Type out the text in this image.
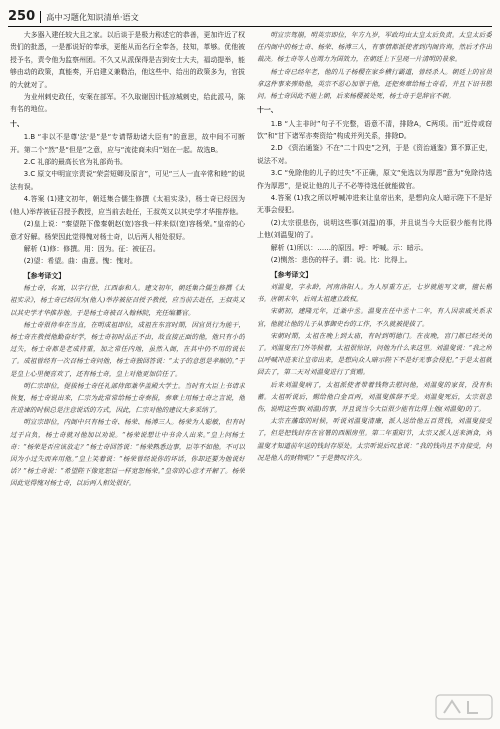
250	高中习题化知识清单·语文

大多器入建任较大且之家。以后谈于是极力称述它的恭善，更加许近了权贵们的批悉，一是都说好的奉承，更能从而名行全奉各，技知，革够。优他被授予名，责令他为监察州团。不久又从派保得是吉到安士大夫，福动提举，能够由动的政策，真能奏，开启建义兼勒治，他这些中、给出的政策多为，官拔的大就对了。

为业州刺史政任，安案在部军。不久取谢因计低凉城刺史，给此派马，陈有名的地位。

十、

1.B “非以不是尊'法'是”是“专请帮助诸大臣有”的意思，故中间不可断开。第二个“然”是“但是”之意，应与“流徒商未归”划在一起。故选B。

2.C 礼部的最高长官为礼部尚书。

3.C 原文中明宣宗责说“荣尝短卿及原言”，可见“三人一直辛常和睦”的说法有误。

4.答案 (1)建文初年，朝廷集合儒生修撰《太祖实录》，杨士奇已经因为(他人)举荐被征召授予教授，应当前去赴任，王叔英又以其史学才华推荐他。

(2)皇上说：“秦望陛下像秦朝赵(宽)容我一样来似(宽)容杨荣。”皇帝的心意才好解。杨荣因此觉得愧对杨士奇，以后两人相处很好。

解析 (1)修：修撰。用：因为。征：被征召。

(2)望：希望。曲：曲意。愧：愧对。

【参考译文】

杨士奇，名寓，以字行世，江西泰和人。建文初年，朝廷集合儒生修撰《太祖实录》，杨士奇已经因为(他人)举荐被征召授予教授，应当前去赴任，王叔英又以其史学才华推荐他。于是杨士奇被召入翰林院，充任编纂官。

杨士奇很侍奉在当直，在明成祖即位，成祖在东宫时期，因官员行为能干，杨士奇在教授他勤奋好学，杨士奇初时品正不由，故直接正面的他，他只有小的过失，杨士奇都是老成持重，加之常任内地，虽然入阁，在其中仍不用的说长了。成祖曾经有一次召杨士奇问他，杨士奇独回答说：“太子的意思是孝顺的。”于是皇上心里便喜欢了，还有杨士奇，皇上对他更加信任了。

明仁宗即位，提拔杨士奇任礼部侍郎兼华盖殿大学士。当时有大臣上书请求恢复，杨士奇说出来，仁宗为此常常给杨士奇奏报，奏章上用杨士奇之言说，他在进谏的时候总是注意说话的方式，因此，仁宗对他的建议大多采纳了。

明宣宗即位，内阁中只有杨士奇、杨荣、杨溥三人。杨荣为人聪敏，但有时过于自负，杨士奇就对他加以劝说。“杨荣说想让中书舍人出来。”皇上问杨士奇：“杨荣是否应该放走？”杨士奇回答说：“杨荣熟悉边事，臣等不如他。不可以因为小过失而弃用他。”皇上笑着说：“杨荣曾经说你的坏话，你却还要为他说好话？”杨士奇说：“希望陛下像宽恕臣一样宽恕杨荣。”皇帝的心意才开解了。杨荣因此觉得愧对杨士奇，以后两人相处很好。

明宣宗驾崩，明英宗即位，年方九岁，军政均由太皇太后负责。太皇太后委任内阁中的杨士奇、杨荣、杨溥三人，有事情都派使者到内阁咨询，然后才作出裁决。杨士奇等人也竭力为国效力，在朝廷上下呈现一片清明的景象。

杨士奇已经年老，他的儿子杨稷在家乡横行霸道，曾经杀人。朝廷上的官员拿这件事来弹劾他，英宗不忍心加罪于他，还把奏章给杨士奇看，并且下诏书慰问。杨士奇因此不能上朝，后来杨稷被处死，杨士奇于是辞官不朝。

十一、

1.B “人主非时”句子不完整，语意不清，排除A，C两项。而“近侍或窃饮”和“甘下诸军亦奏资给”构成并列关系，排除D。

2.D 《资治通鉴》不在“二十四史”之列，于是《资治通鉴》算不算正史，说法不对。

3.C “免除他的儿子的过失”不正确，原文“免选以为厚恩”意为“免除待选作为厚恩”，是说让他的儿子不必等待选任就能做官。

4.答案 (1)我之所以呼喊冲进来让皇帝出来，是想向众人暗示陛下不是好无事会侵犯。

(2)太宗很悲伤，说明这些事(刘温)的事，并且说当今大臣很少能有比得上他(刘温叟)的了。

解析 (1)所以：……的原因。呼：呼喊。示：暗示。

(2)恻然：悲伤的样子。谓：说。比：比得上。

【参考译文】

刘温叟，字永龄，河南洛阳人。为人厚重方正，七岁就能写文章，擅长楷书。唐朝末年，后周太祖建立政权。

宋朝初，建隆元年，迁兼中丞。温叟在任中丞十二年，有人因亲戚关系求官，他就让他的儿子从事御史台的工作，不久就被提拔了。

宋朝时期，太祖在晚上到太庙，有时到明德门。在夜晚，宫门都已经关闭了。刘温叟在门外等候着，太祖很惊讶，问他为什么来这里。刘温叟说：“我之所以呼喊冲进来让皇帝出来，是想向众人暗示陛下不是好无事会侵犯。”于是太祖就回去了，第二天对刘温叟进行了赏赐。

后来刘温叟病了，太祖派使者带着钱物去慰问他，刘温叟的家贫，没有积蓄。太祖听说后，赐给他白金百两，刘温叟推辞不受。刘温叟死后，太宗很悲伤，说明这些事(刘温)的事，并且说当今大臣很少能有比得上他(刘温叟)的了。

太宗在藩邸的时候，听说刘温叟清廉，派人送给他五百贯钱，刘温叟接受了，但是把钱封存在官署的西厢房里。第二年重阳节，太宗又派人送来酒食，刘温叟才知道前年送的钱封存原处。太宗听说后叹息说：“我的钱尚且不肯接受，何况是他人的财物呢？”于是赞叹许久。
